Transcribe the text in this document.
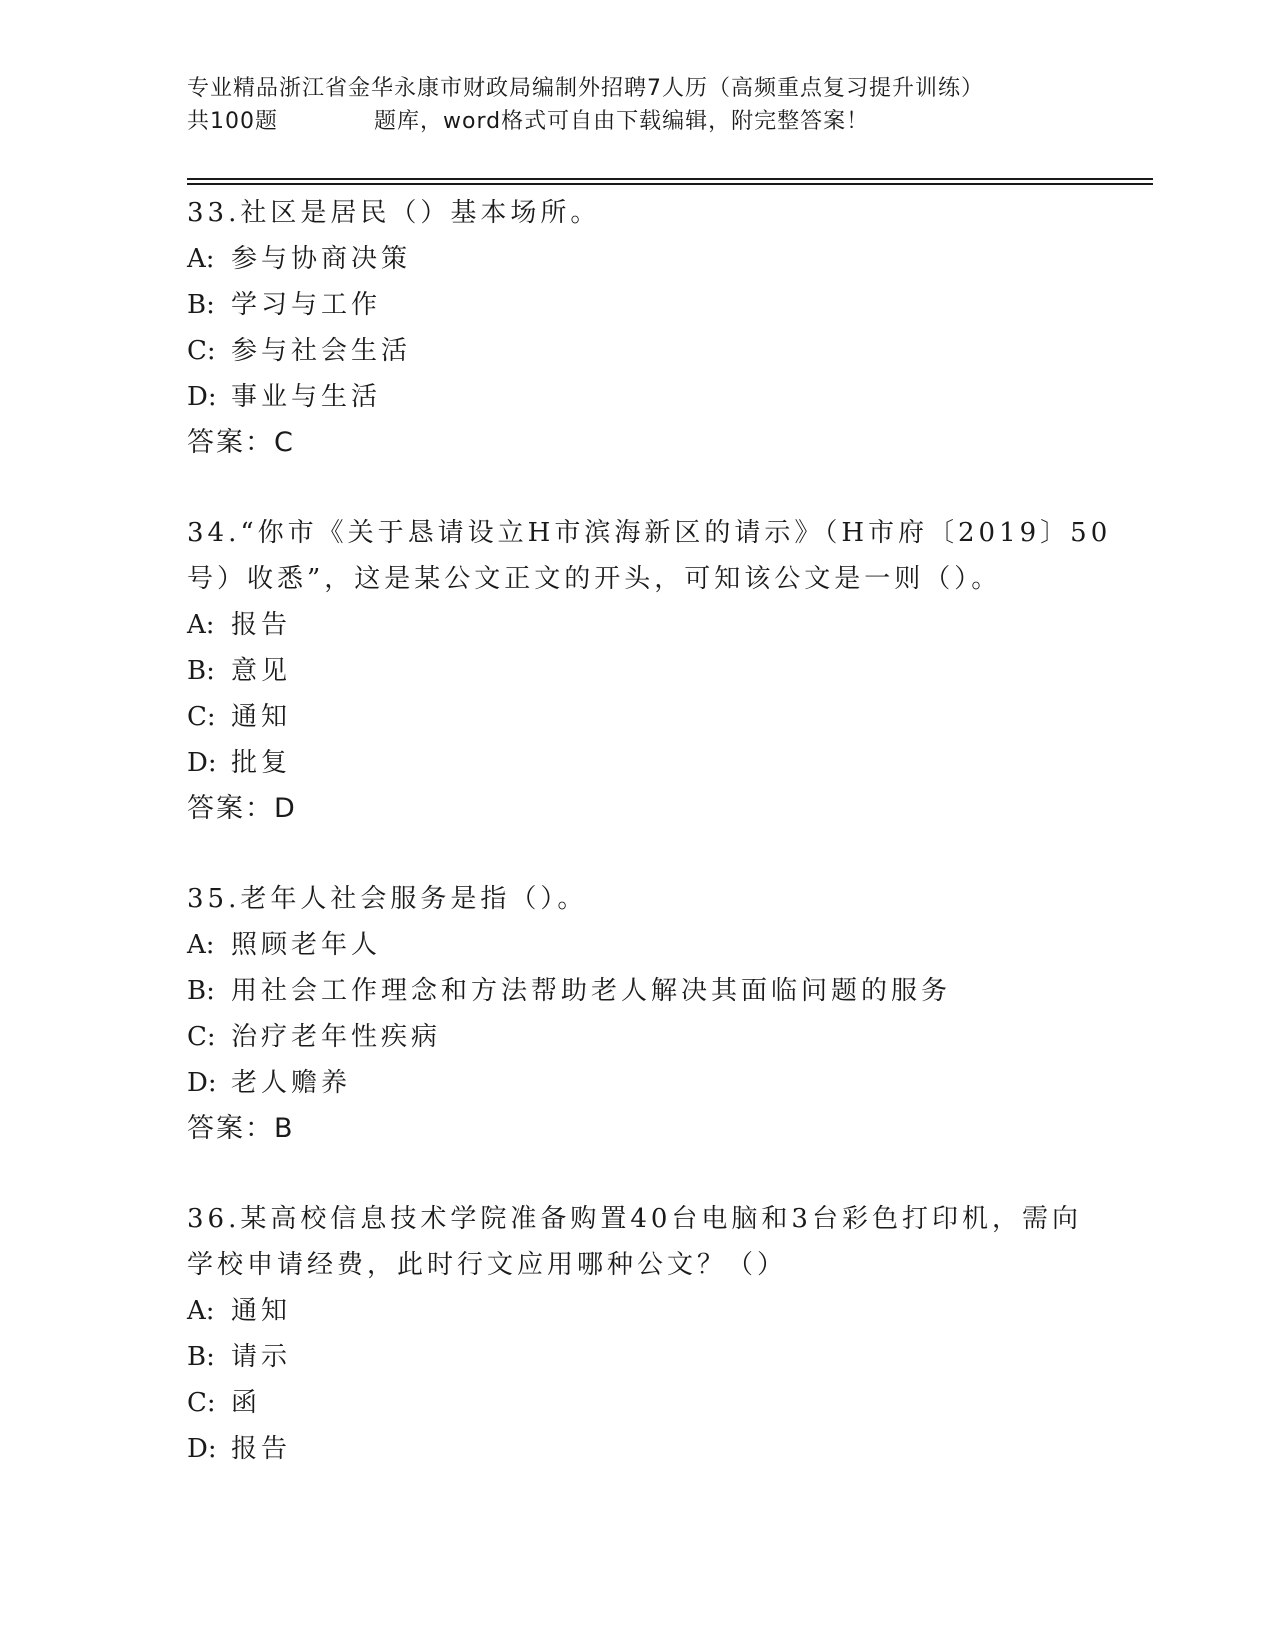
专业精品浙江省金华永康市财政局编制外招聘7人历（高频重点复习提升训练）
共100题	题库，word格式可自由下载编辑，附完整答案！
33.社区是居民（）基本场所。
A: 参与协商决策
B: 学习与工作
C: 参与社会生活
D: 事业与生活
答案：C
34.“你市《关于恳请设立H市滨海新区的请示》（H市府〔2019〕50
号）收悉”，这是某公文正文的开头，可知该公文是一则（）。
A: 报告
B: 意见
C: 通知
D: 批复
答案：D
35.老年人社会服务是指（）。
A: 照顾老年人
B: 用社会工作理念和方法帮助老人解决其面临问题的服务
C: 治疗老年性疾病
D: 老人赡养
答案：B
36.某高校信息技术学院准备购置40台电脑和3台彩色打印机，需向
学校申请经费，此时行文应用哪种公文？（）
A: 通知
B: 请示
C: 函
D: 报告
